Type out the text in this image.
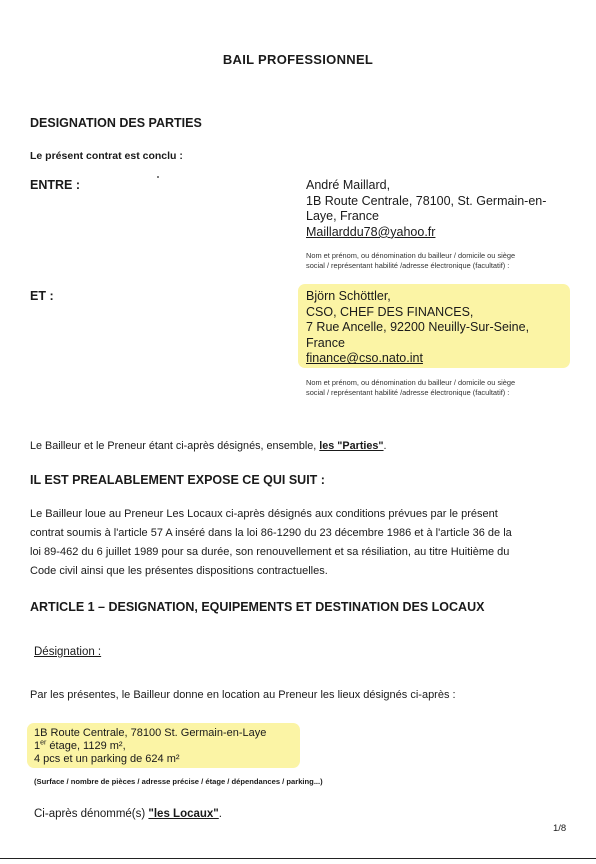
BAIL PROFESSIONNEL
DESIGNATION DES PARTIES
Le présent contrat est conclu :
ENTRE :	André Maillard,
1B Route Centrale, 78100, St. Germain-en-
Laye, France
Maillarddu78@yahoo.fr
Nom et prénom, ou dénomination du bailleur / domicile ou siège
social / représentant habilité /adresse électronique (facultatif) :
ET :	Björn Schöttler,
CSO, CHEF DES FINANCES,
7 Rue Ancelle, 92200 Neuilly-Sur-Seine,
France
finance@cso.nato.int
Nom et prénom, ou dénomination du bailleur / domicile ou siège
social / représentant habilité /adresse électronique (facultatif) :
Le Bailleur et le Preneur étant ci-après désignés, ensemble, les "Parties".
IL EST PREALABLEMENT EXPOSE CE QUI SUIT :
Le Bailleur loue au Preneur Les Locaux ci-après désignés aux conditions prévues par le présent
contrat soumis à l'article 57 A inséré dans la loi 86-1290 du 23 décembre 1986 et à l'article 36 de la
loi 89-462 du 6 juillet 1989 pour sa durée, son renouvellement et sa résiliation, au titre Huitième du
Code civil ainsi que les présentes dispositions contractuelles.
ARTICLE 1 – DESIGNATION, EQUIPEMENTS ET DESTINATION DES LOCAUX
Désignation :
Par les présentes, le Bailleur donne en location au Preneur les lieux désignés ci-après :
1B Route Centrale, 78100 St. Germain-en-Laye
1er étage, 1129 m²,
4 pcs et un parking de 624 m²
(Surface / nombre de pièces / adresse précise / étage / dépendances / parking...)
Ci-après dénommé(s) "les Locaux".
1/8
